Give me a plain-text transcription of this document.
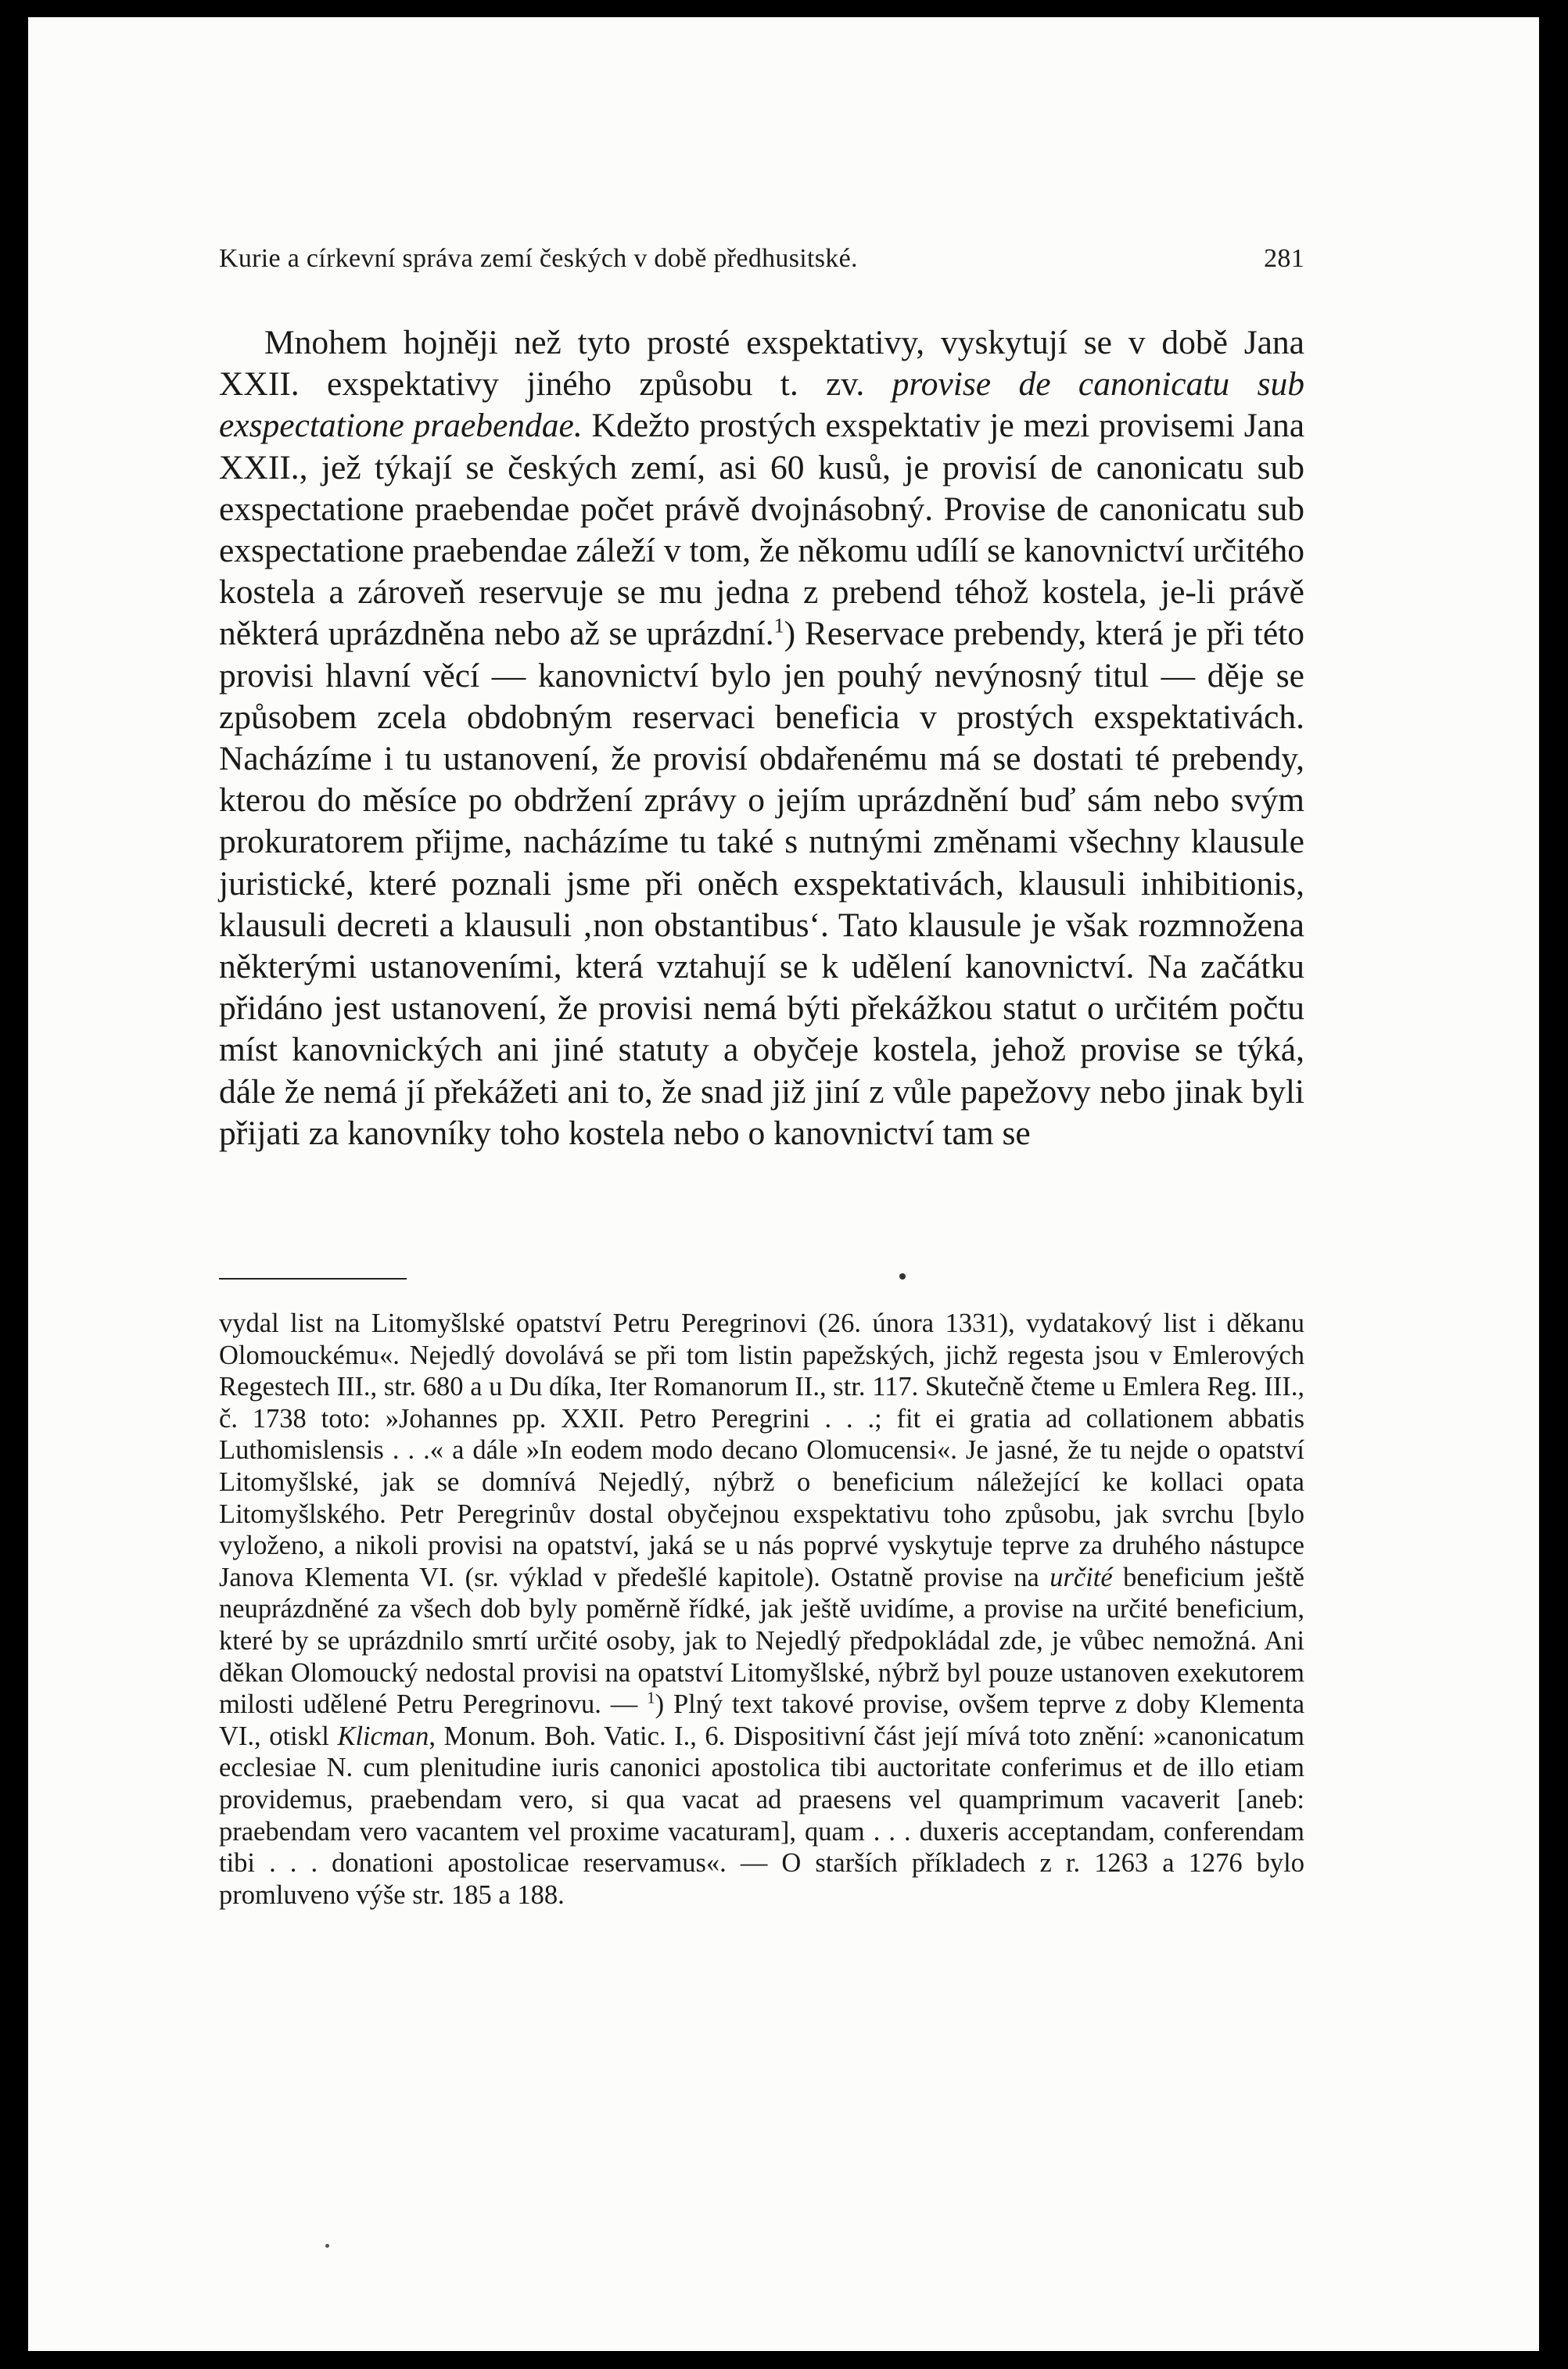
Kurie a církevní správa zemí českých v době předhusitské.	281

Mnohem hojněji než tyto prosté exspektativy, vyskytují se v době Jana XXII. exspektativy jiného způsobu t. zv. provise de canonicatu sub exspectatione praebendae. Kdežto prostých exspektativ je mezi provisemi Jana XXII., jež týkají se českých zemí, asi 60 kusů, je provisí de canonicatu sub exspectatione praebendae počet právě dvojnásobný. Provise de canonicatu sub exspectatione praebendae záleží v tom, že někomu udílí se kanovnictví určitého kostela a zároveň reservuje se mu jedna z prebend téhož kostela, je-li právě některá uprázdněna nebo až se uprázdní.$^1$) Reservace prebendy, která je při této provisi hlavní věcí — kanovnictví bylo jen pouhý nevýnosný titul — děje se způsobem zcela obdobným reservaci beneficia v prostých exspektativách. Nacházíme i tu ustanovení, že provisí obdařenému má se dostati té prebendy, kterou do měsíce po obdržení zprávy o jejím uprázdnění buď sám nebo svým prokuratorem přijme, nacházíme tu také s nutnými změnami všechny klausule juristické, které poznali jsme při oněch exspektativách, klausuli inhibitionis, klausuli decreti a klausuli ‚non obstantibus‘. Tato klausule je však rozmnožena některými ustanoveními, která vztahují se k udělení kanovnictví. Na začátku přidáno jest ustanovení, že provisi nemá býti překážkou statut o určitém počtu míst kanovnických ani jiné statuty a obyčeje kostela, jehož provise se týká, dále že nemá jí překážeti ani to, že snad již jiní z vůle papežovy nebo jinak byli přijati za kanovníky toho kostela nebo o kanovnictví tam se

vydal list na Litomyšlské opatství Petru Peregrinovi (26. února 1331), vydatakový list i děkanu Olomouckému«. Nejedlý dovolává se při tom listin papežských, jichž regesta jsou v Emlerových Regestech III., str. 680 a u Du díka, Iter Romanorum II., str. 117. Skutečně čteme u Emlera Reg. III., č. 1738 toto: »Johannes pp. XXII. Petro Peregrini . . .; fit ei gratia ad collationem abbatis Luthomislensis . . .« a dále »In eodem modo decano Olomucensi«. Je jasné, že tu nejde o opatství Litomyšlské, jak se domnívá Nejedlý, nýbrž o beneficium náležející ke kollaci opata Litomyšlského. Petr Peregrinův dostal obyčejnou exspektativu toho způsobu, jak svrchu [bylo vyloženo, a nikoli provisi na opatství, jaká se u nás poprvé vyskytuje teprve za druhého nástupce Janova Klementa VI. (sr. výklad v předešlé kapitole). Ostatně provise na určité beneficium ještě neuprázdněné za všech dob byly poměrně řídké, jak ještě uvidíme, a provise na určité beneficium, které by se uprázdnilo smrtí určité osoby, jak to Nejedlý předpokládal zde, je vůbec nemožná. Ani děkan Olomoucký nedostal provisi na opatství Litomyšlské, nýbrž byl pouze ustanoven exekutorem milosti udělené Petru Peregrinovu. — $^1$) Plný text takové provise, ovšem teprve z doby Klementa VI., otiskl Klicman, Monum. Boh. Vatic. I., 6. Dispositivní část její mívá toto znění: »canonicatum ecclesiae N. cum plenitudine iuris canonici apostolica tibi auctoritate conferimus et de illo etiam providemus, praebendam vero, si qua vacat ad praesens vel quamprimum vacaverit [aneb: praebendam vero vacantem vel proxime vacaturam], quam . . . duxeris acceptandam, conferendam tibi . . . donationi apostolicae reservamus«. — O starších příkladech z r. 1263 a 1276 bylo promluveno výše str. 185 a 188.
